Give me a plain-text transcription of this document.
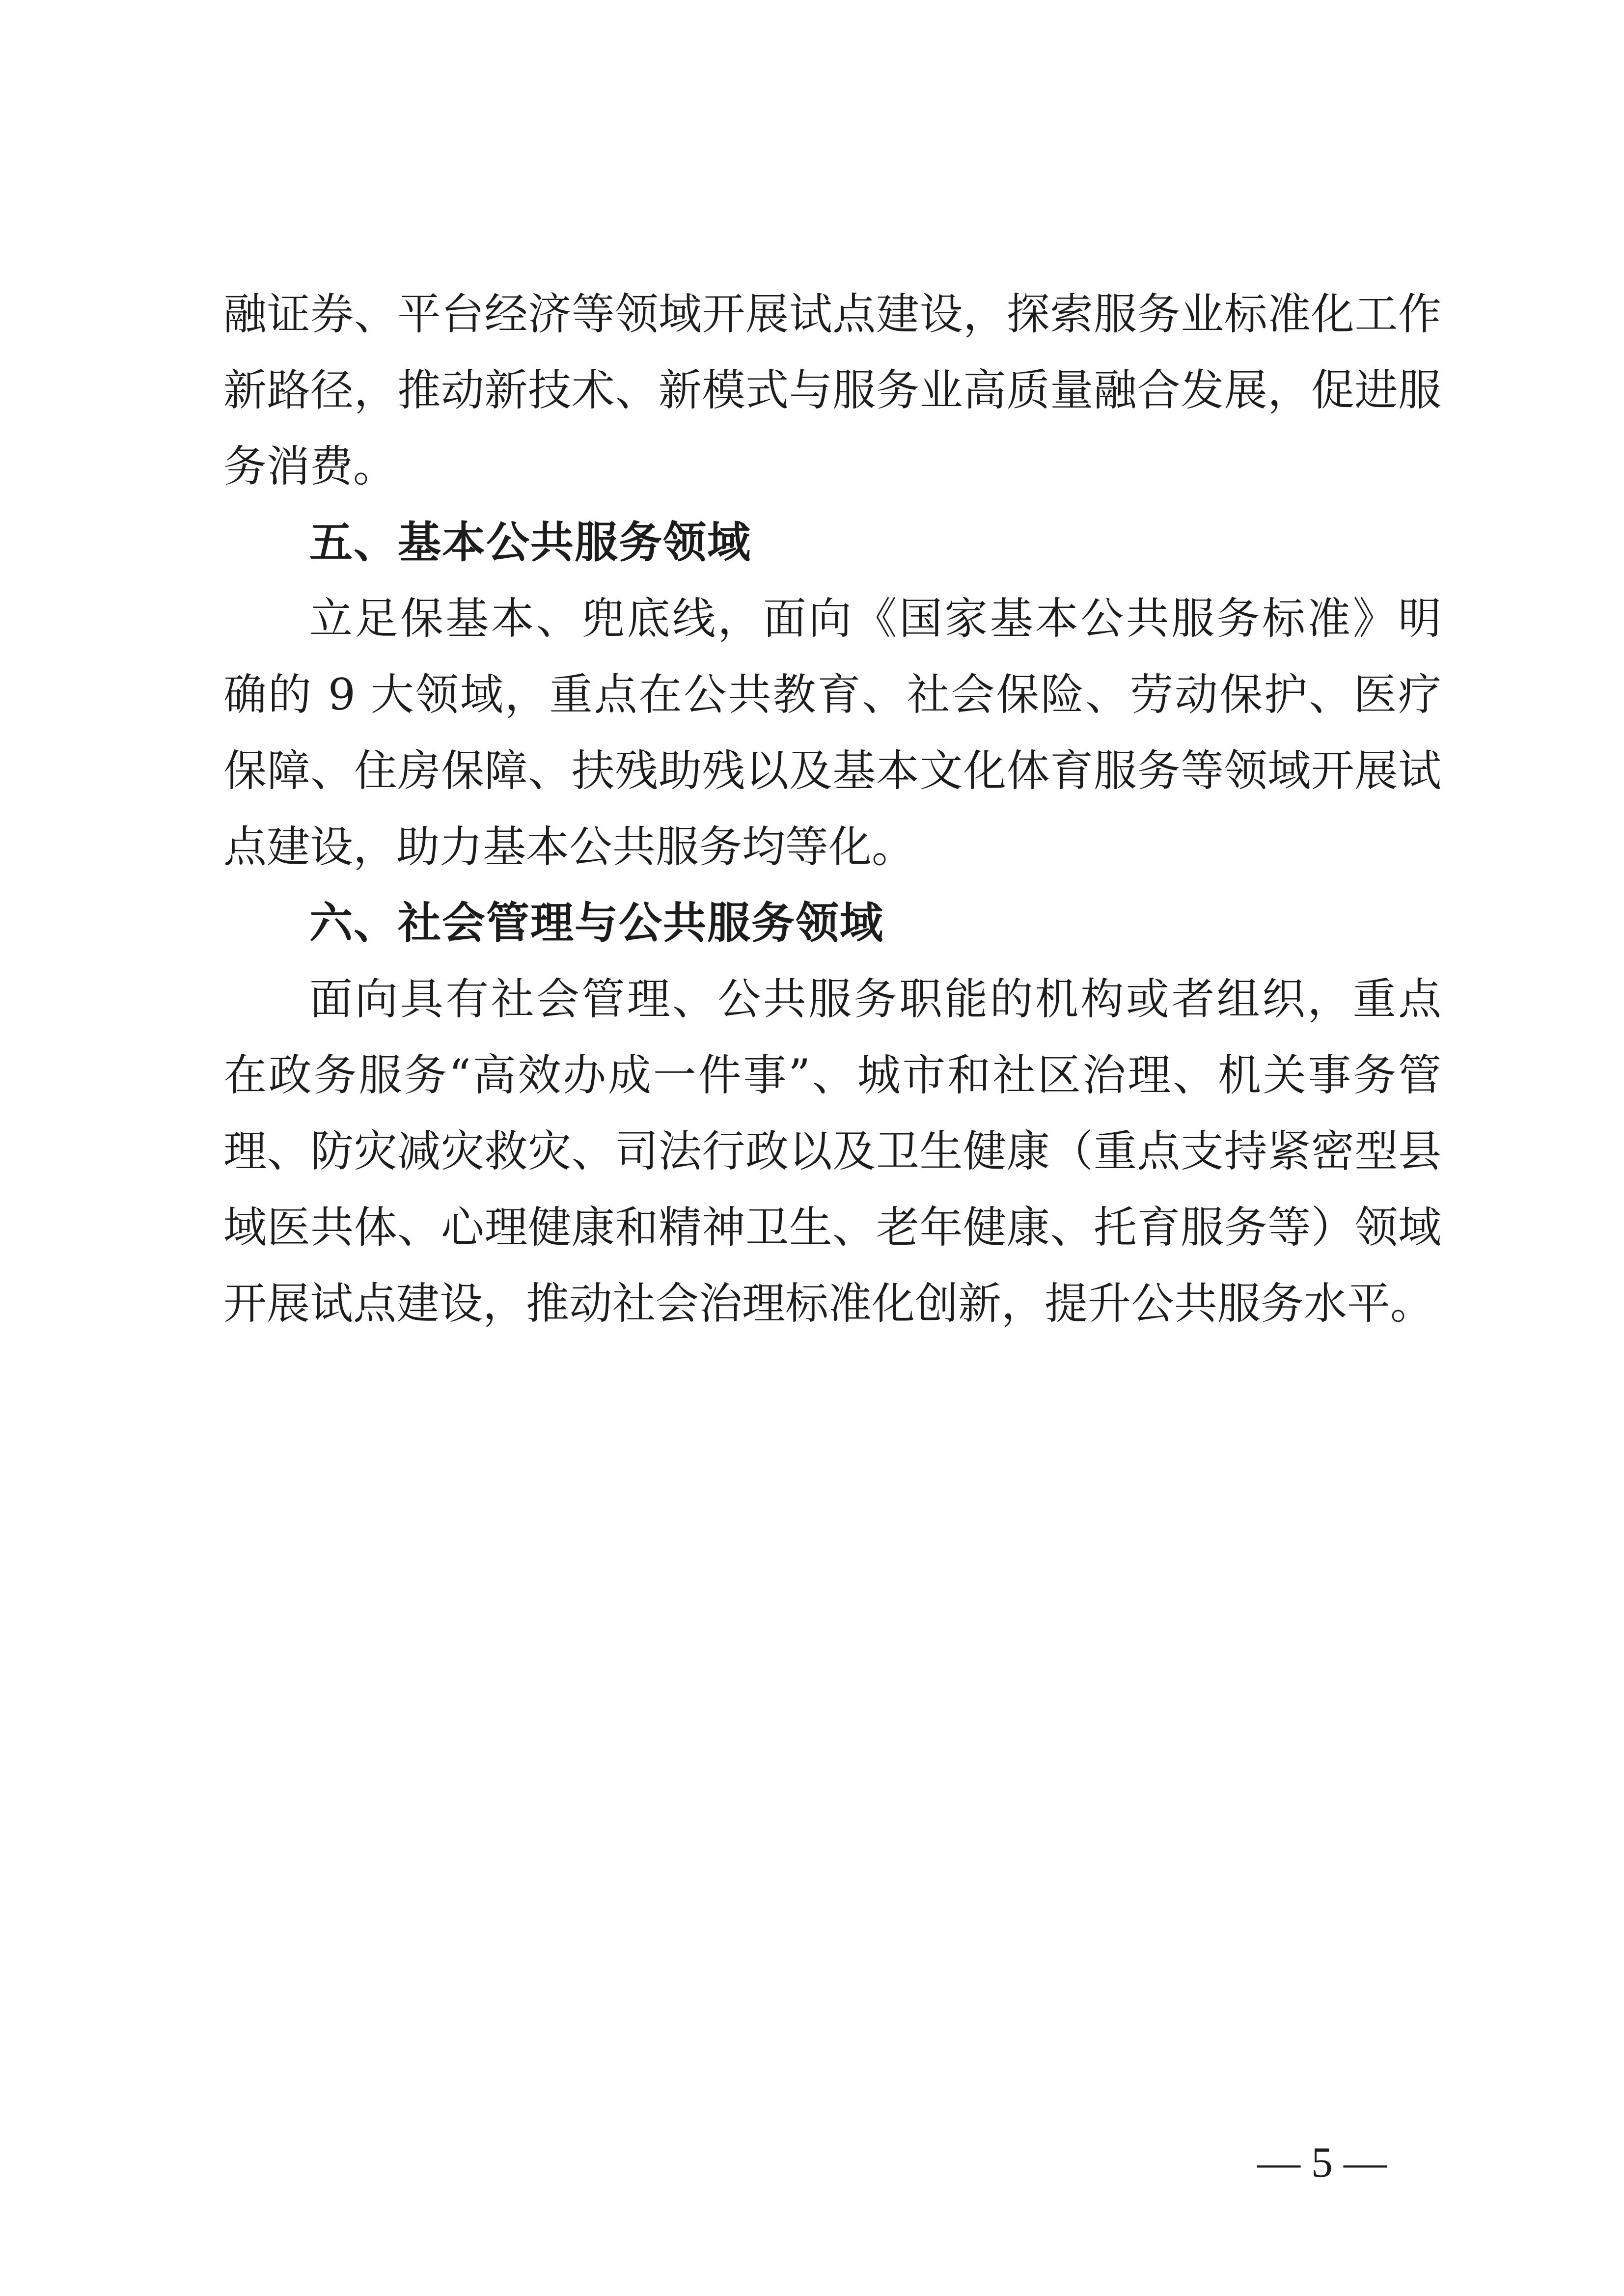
融证券、平台经济等领域开展试点建设，探索服务业标准化工作
新路径，推动新技术、新模式与服务业高质量融合发展，促进服
务消费。
五、基本公共服务领域
立足保基本、兜底线，面向《国家基本公共服务标准》明
确的 9 大领域，重点在公共教育、社会保险、劳动保护、医疗
保障、住房保障、扶残助残以及基本文化体育服务等领域开展试
点建设，助力基本公共服务均等化。
六、社会管理与公共服务领域
面向具有社会管理、公共服务职能的机构或者组织，重点
在政务服务“高效办成一件事”、城市和社区治理、机关事务管
理、防灾减灾救灾、司法行政以及卫生健康（重点支持紧密型县
域医共体、心理健康和精神卫生、老年健康、托育服务等）领域
开展试点建设，推动社会治理标准化创新，提升公共服务水平。
— 5 —
